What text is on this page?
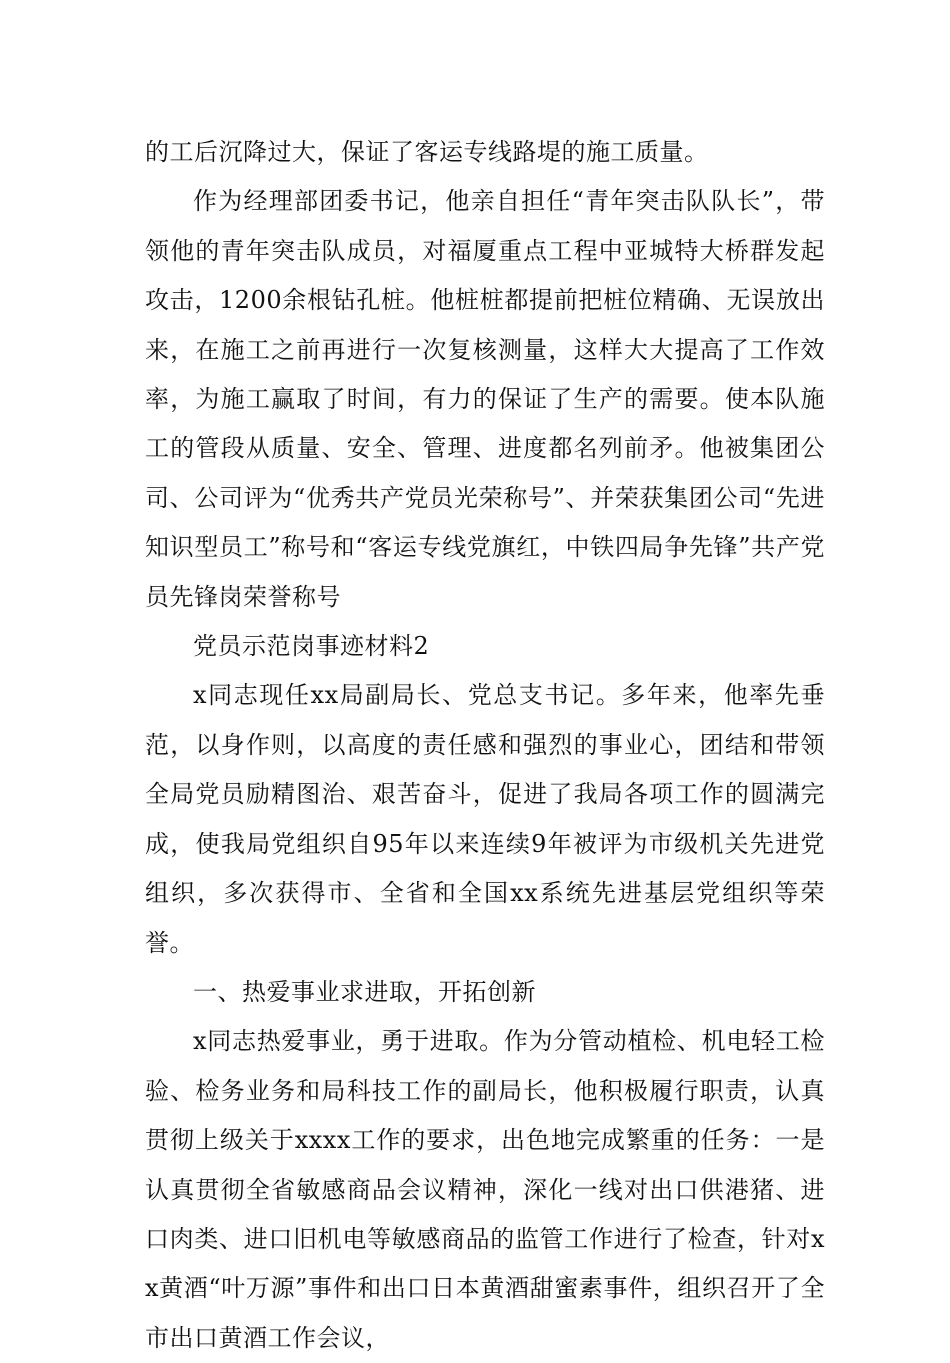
的工后沉降过大，保证了客运专线路堤的施工质量。

作为经理部团委书记，他亲自担任“青年突击队队长”，带领他的青年突击队成员，对福厦重点工程中亚城特大桥群发起攻击，1200余根钻孔桩。他桩桩都提前把桩位精确、无误放出来，在施工之前再进行一次复核测量，这样大大提高了工作效率，为施工赢取了时间，有力的保证了生产的需要。使本队施工的管段从质量、安全、管理、进度都名列前矛。他被集团公司、公司评为“优秀共产党员光荣称号”、并荣获集团公司“先进知识型员工”称号和“客运专线党旗红，中铁四局争先锋”共产党员先锋岗荣誉称号

党员示范岗事迹材料2

x同志现任xx局副局长、党总支书记。多年来，他率先垂范，以身作则，以高度的责任感和强烈的事业心，团结和带领全局党员励精图治、艰苦奋斗，促进了我局各项工作的圆满完成，使我局党组织自95年以来连续9年被评为市级机关先进党组织，多次获得市、全省和全国xx系统先进基层党组织等荣誉。

一、热爱事业求进取，开拓创新

x同志热爱事业，勇于进取。作为分管动植检、机电轻工检验、检务业务和局科技工作的副局长，他积极履行职责，认真贯彻上级关于xxxx工作的要求，出色地完成繁重的任务：一是认真贯彻全省敏感商品会议精神，深化一线对出口供港猪、进口肉类、进口旧机电等敏感商品的监管工作进行了检查，针对xx黄酒“叶万源”事件和出口日本黄酒甜蜜素事件，组织召开了全市出口黄酒工作会议，
